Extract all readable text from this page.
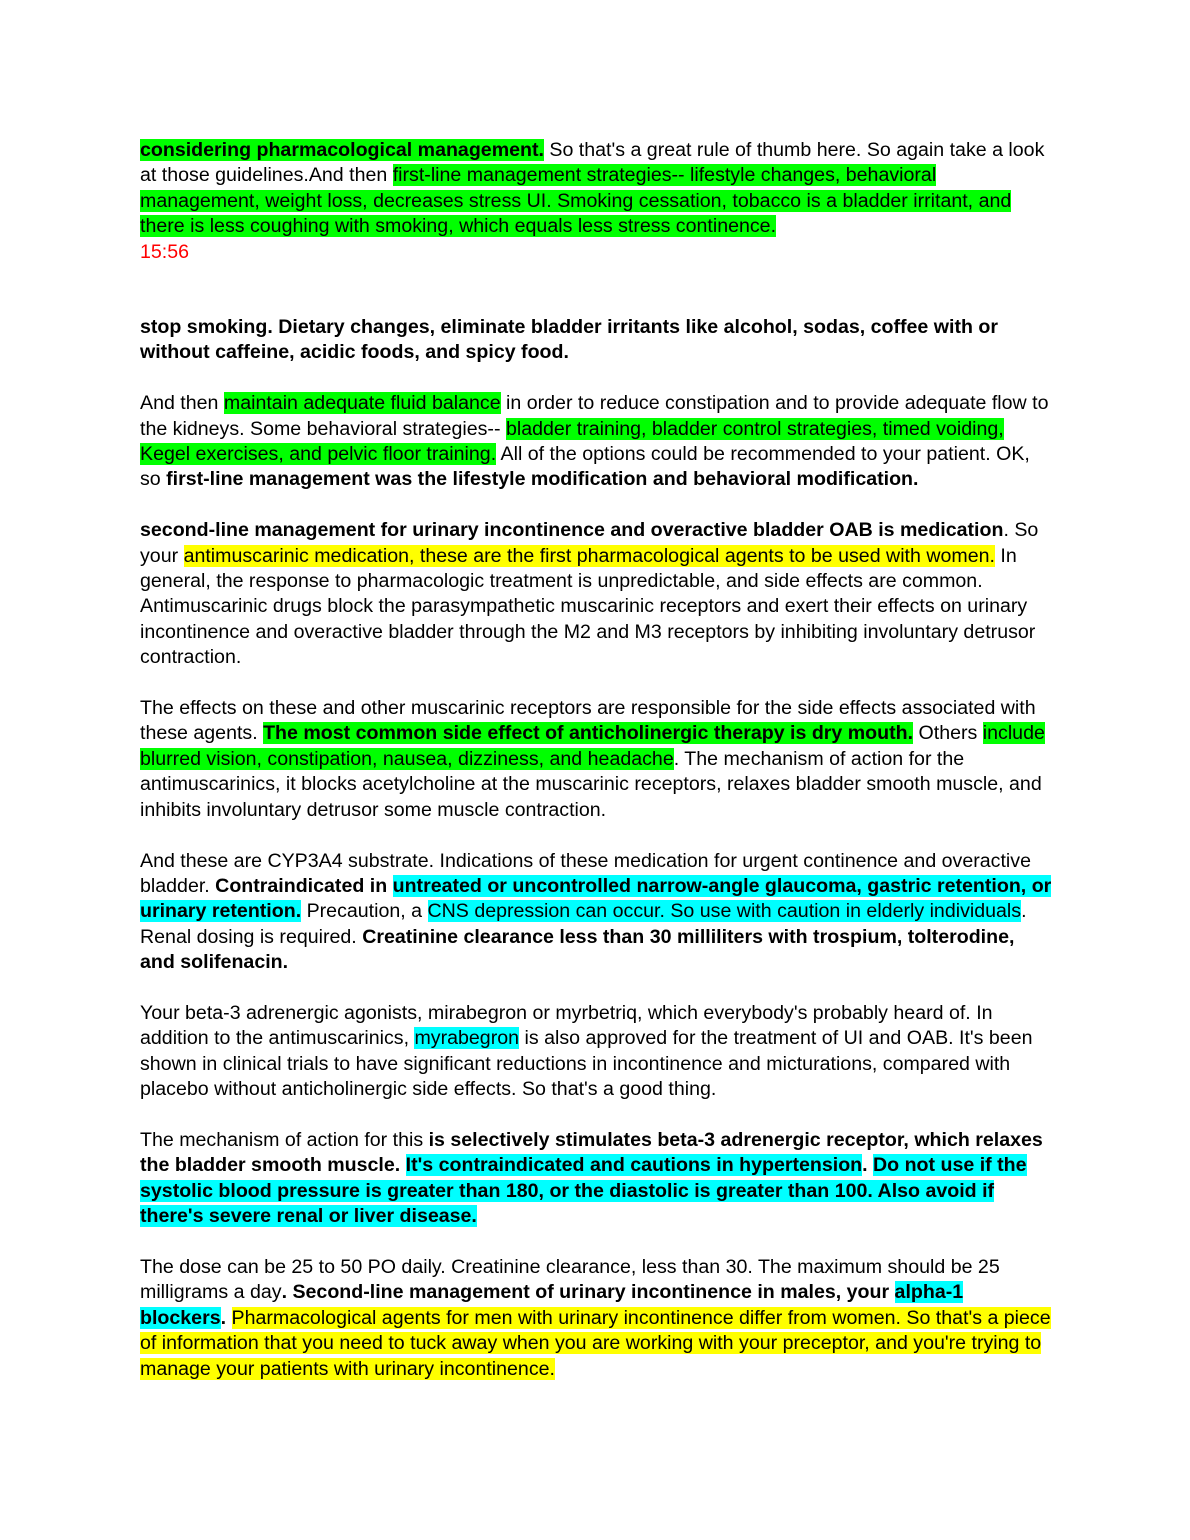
considering pharmacological management. So that's a great rule of thumb here. So again take a look at those guidelines.And then first-line management strategies-- lifestyle changes, behavioral management, weight loss, decreases stress UI. Smoking cessation, tobacco is a bladder irritant, and there is less coughing with smoking, which equals less stress continence.

15:56

stop smoking. Dietary changes, eliminate bladder irritants like alcohol, sodas, coffee with or without caffeine, acidic foods, and spicy food.

And then maintain adequate fluid balance in order to reduce constipation and to provide adequate flow to the kidneys. Some behavioral strategies-- bladder training, bladder control strategies, timed voiding, Kegel exercises, and pelvic floor training. All of the options could be recommended to your patient. OK, so first-line management was the lifestyle modification and behavioral modification.

second-line management for urinary incontinence and overactive bladder OAB is medication. So your antimuscarinic medication, these are the first pharmacological agents to be used with women. In general, the response to pharmacologic treatment is unpredictable, and side effects are common. Antimuscarinic drugs block the parasympathetic muscarinic receptors and exert their effects on urinary incontinence and overactive bladder through the M2 and M3 receptors by inhibiting involuntary detrusor contraction.

The effects on these and other muscarinic receptors are responsible for the side effects associated with these agents. The most common side effect of anticholinergic therapy is dry mouth. Others include blurred vision, constipation, nausea, dizziness, and headache. The mechanism of action for the antimuscarinics, it blocks acetylcholine at the muscarinic receptors, relaxes bladder smooth muscle, and inhibits involuntary detrusor some muscle contraction.

And these are CYP3A4 substrate. Indications of these medication for urgent continence and overactive bladder. Contraindicated in untreated or uncontrolled narrow-angle glaucoma, gastric retention, or urinary retention. Precaution, a CNS depression can occur. So use with caution in elderly individuals. Renal dosing is required. Creatinine clearance less than 30 milliliters with trospium, tolterodine, and solifenacin.

Your beta-3 adrenergic agonists, mirabegron or myrbetriq, which everybody's probably heard of. In addition to the antimuscarinics, myrabegron is also approved for the treatment of UI and OAB. It's been shown in clinical trials to have significant reductions in incontinence and micturations, compared with placebo without anticholinergic side effects. So that's a good thing.

The mechanism of action for this is selectively stimulates beta-3 adrenergic receptor, which relaxes the bladder smooth muscle. It's contraindicated and cautions in hypertension. Do not use if the systolic blood pressure is greater than 180, or the diastolic is greater than 100. Also avoid if there's severe renal or liver disease.

The dose can be 25 to 50 PO daily. Creatinine clearance, less than 30. The maximum should be 25 milligrams a day. Second-line management of urinary incontinence in males, your alpha-1 blockers. Pharmacological agents for men with urinary incontinence differ from women. So that's a piece of information that you need to tuck away when you are working with your preceptor, and you're trying to manage your patients with urinary incontinence.
